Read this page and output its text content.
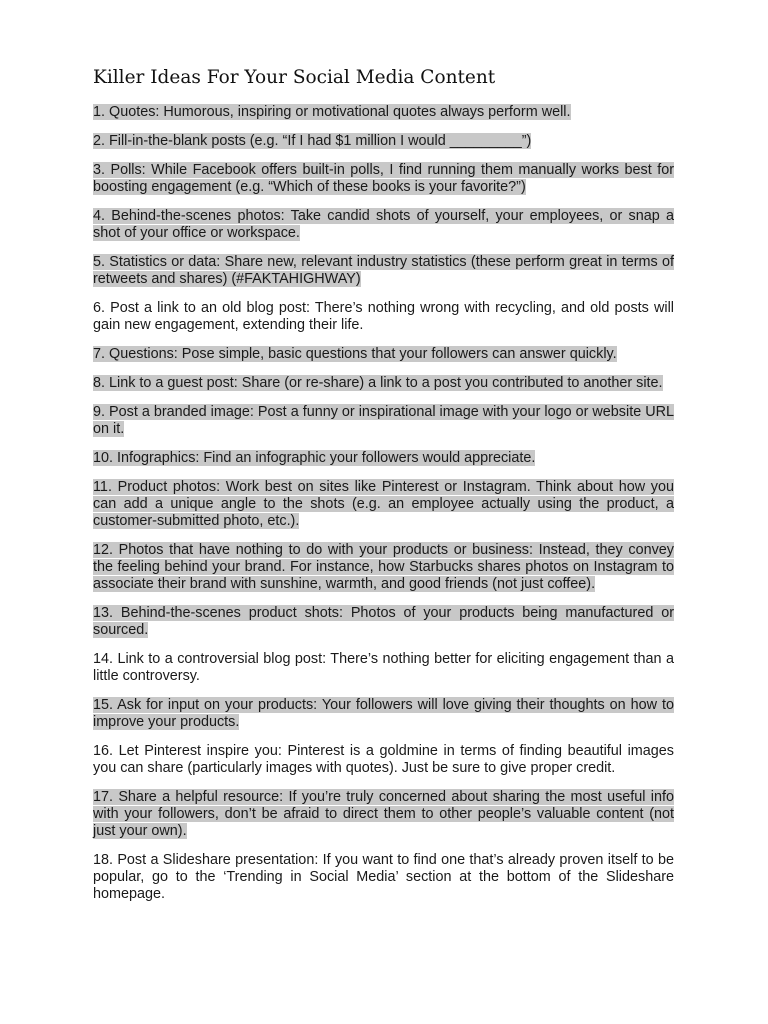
Killer Ideas For Your Social Media Content

1. Quotes: Humorous, inspiring or motivational quotes always perform well.

2. Fill-in-the-blank posts (e.g. “If I had $1 million I would _________”)

3. Polls: While Facebook offers built-in polls, I find running them manually works best for boosting engagement (e.g. “Which of these books is your favorite?”)

4. Behind-the-scenes photos: Take candid shots of yourself, your employees, or snap a shot of your office or workspace.

5. Statistics or data: Share new, relevant industry statistics (these perform great in terms of retweets and shares) (#FAKTAHIGHWAY)

6. Post a link to an old blog post: There’s nothing wrong with recycling, and old posts will gain new engagement, extending their life.

7. Questions: Pose simple, basic questions that your followers can answer quickly.

8. Link to a guest post: Share (or re-share) a link to a post you contributed to another site.

9. Post a branded image: Post a funny or inspirational image with your logo or website URL on it.

10. Infographics: Find an infographic your followers would appreciate.

11. Product photos: Work best on sites like Pinterest or Instagram. Think about how you can add a unique angle to the shots (e.g. an employee actually using the product, a customer-submitted photo, etc.).

12. Photos that have nothing to do with your products or business: Instead, they convey the feeling behind your brand. For instance, how Starbucks shares photos on Instagram to associate their brand with sunshine, warmth, and good friends (not just coffee).

13. Behind-the-scenes product shots: Photos of your products being manufactured or sourced.

14. Link to a controversial blog post: There’s nothing better for eliciting engagement than a little controversy.

15. Ask for input on your products: Your followers will love giving their thoughts on how to improve your products.

16. Let Pinterest inspire you: Pinterest is a goldmine in terms of finding beautiful images you can share (particularly images with quotes). Just be sure to give proper credit.

17. Share a helpful resource: If you’re truly concerned about sharing the most useful info with your followers, don’t be afraid to direct them to other people’s valuable content (not just your own).

18. Post a Slideshare presentation: If you want to find one that’s already proven itself to be popular, go to the ‘Trending in Social Media’ section at the bottom of the Slideshare homepage.
